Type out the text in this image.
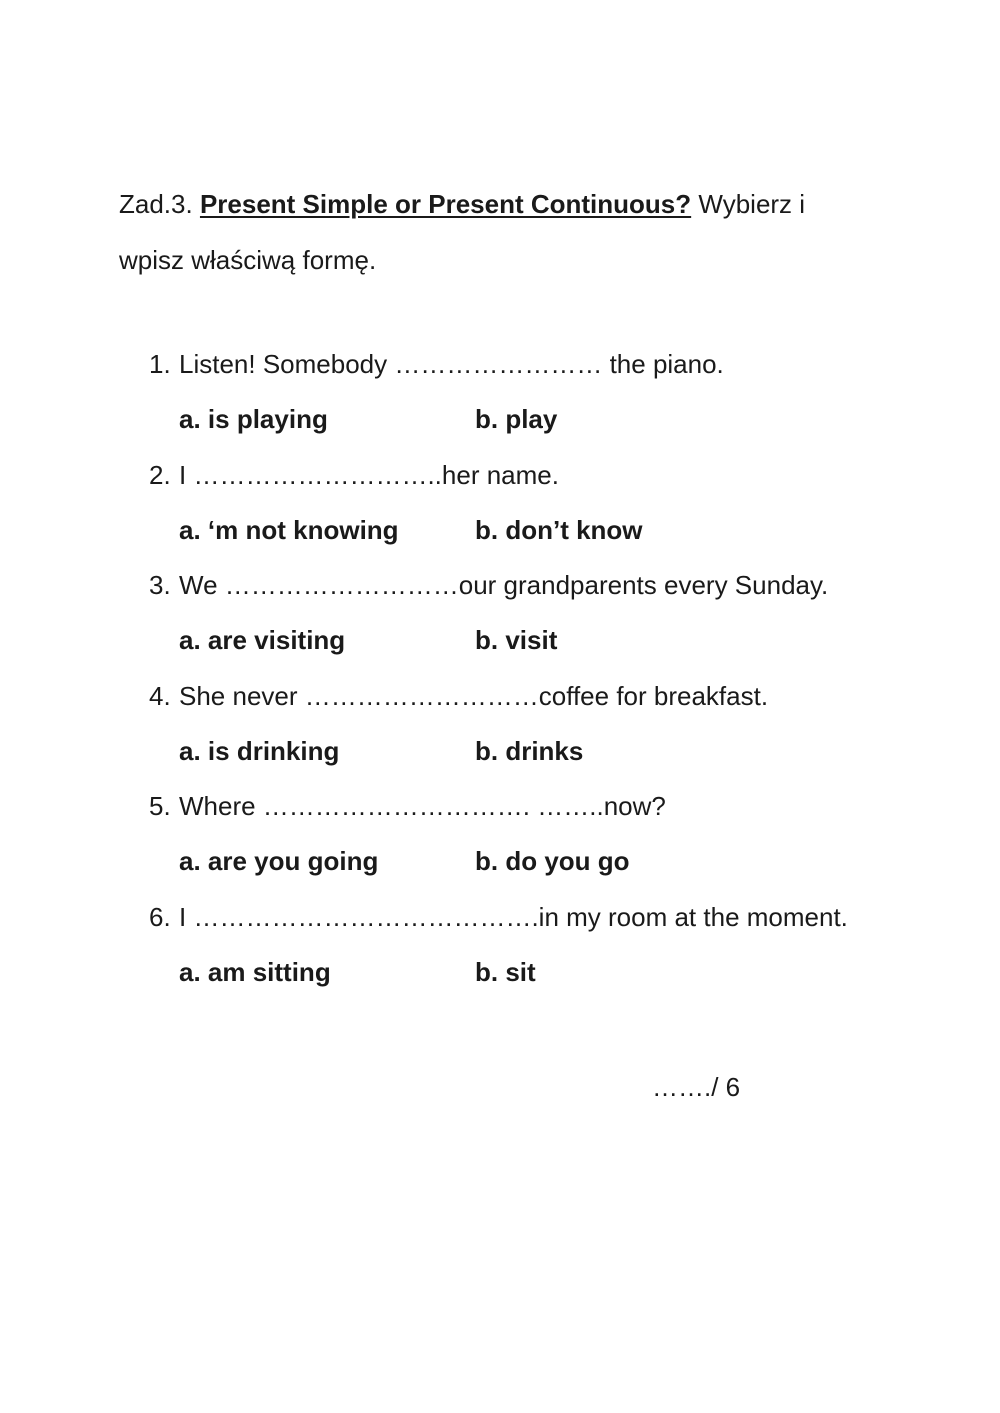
Zad.3. Present Simple or Present Continuous? Wybierz i
wpisz właściwą formę.
1. Listen! Somebody …………………… the piano.
a. is playing	b. play
2. I ………………………..her name.
a. ‘m not knowing	b. don’t know
3. We ………………………our grandparents every Sunday.
a. are visiting	b. visit
4. She never ………………………coffee for breakfast.
a. is drinking	b. drinks
5. Where …………………………. ……..now?
a. are you going	b. do you go
6. I ………………………………….in my room at the moment.
a. am sitting	b. sit
……./ 6
